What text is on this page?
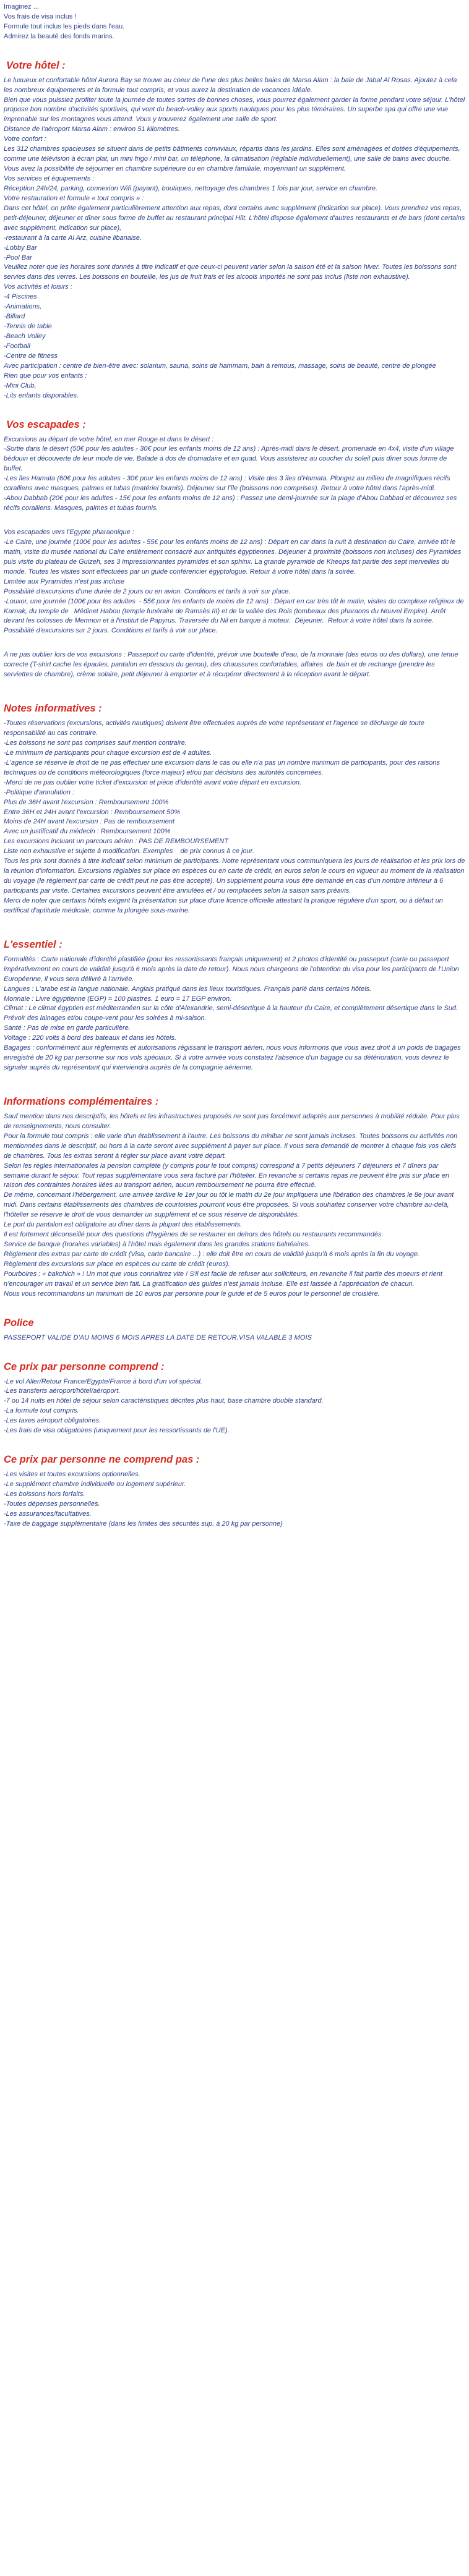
Imaginez ...

Vos frais de visa inclus !

Formule tout inclus les pieds dans l'eau.

Admirez la beauté des fonds marins.

Votre hôtel :

Le luxueux et confortable hôtel Aurora Bay se trouve au coeur de l'une des plus belles baies de Marsa Alam : la baie de Jabal Al Rosas. Ajoutez à cela les nombreux équipements et la formule tout compris, et vous aurez la destination de vacances idéale.

Bien que vous puissiez profiter toute la journée de toutes sortes de bonnes choses, vous pourrez également garder la forme pendant votre séjour. L'hôtel propose bon nombre d'activités sportives, qui vont du beach-volley aux sports nautiques pour les plus téméraires. Un superbe spa qui offre une vue imprenable sur les montagnes vous attend. Vous y trouverez également une salle de sport.

Distance de l'aéroport Marsa Alam : environ 51 kilomètres.

Votre confort :

Les 312 chambres spacieuses se situent dans de petits bâtiments conviviaux, répartis dans les jardins. Elles sont aménagées et dotées d'équipements, comme une télévision à écran plat, un mini frigo / mini bar, un téléphone, la climatisation (réglable individuellement), une salle de bains avec douche.

Vous avez la possibilité de séjourner en chambre supérieure ou en chambre familiale, moyennant un supplément.

Vos services et équipements :

Réception 24h/24, parking, connexion Wifi (payant), boutiques, nettoyage des chambres 1 fois par jour, service en chambre.

Votre restauration et formule « tout compris » :

Dans cet hôtel, on prête également particulièrement attention aux repas, dont certains avec supplément (indication sur place). Vous prendrez vos repas, petit-déjeuner, déjeuner et dîner sous forme de buffet au restaurant principal Hilt. L'hôtel dispose également d'autres restaurants et de bars (dont certains avec supplément, indication sur place),

-restaurant à la carte Al Arz, cuisine libanaise.

-Lobby Bar

-Pool Bar

Veuillez noter que les horaires sont donnés à titre indicatif et que ceux-ci peuvent varier selon la saison été et la saison hiver. Toutes les boissons sont servies dans des verres. Les boissons en bouteille, les jus de fruit frais et les alcools importés ne sont pas inclus (liste non exhaustive).

Vos activités et loisirs :

-4 Piscines

-Animations,

-Billard

-Tennis de table

-Beach Volley

-Football

-Centre de fitness

Avec participation : centre de bien-être avec: solarium, sauna, soins de hammam, bain à remous, massage, soins de beauté, centre de plongée

Rien que pour vos enfants :

-Mini Club,

-Lits enfants disponibles.

Vos escapades :

Excursions au départ de votre hôtel, en mer Rouge et dans le désert :

-Sortie dans le désert (50€ pour les adultes - 30€ pour les enfants moins de 12 ans) : Après-midi dans le désert, promenade en 4x4, visite d'un village bédouin et découverte de leur mode de vie. Balade à dos de dromadaire et en quad. Vous assisterez au coucher du soleil puis dîner sous forme de buffet.

-Les îles Hamata (60€ pour les adultes - 30€ pour les enfants moins de 12 ans) : Visite des 3 îles d'Hamata. Plongez au milieu de magnifiques récifs coralliens avec masques, palmes et tubas (matériel fournis). Déjeuner sur l'île (boissons non comprises). Retour à votre hôtel dans l'après-midi.

-Abou Dabbab (20€ pour les adultes - 15€ pour les enfants moins de 12 ans) : Passez une demi-journée sur la plage d'Abou Dabbad et découvrez ses récifs coralliens. Masques, palmes et tubas fournis.

Vos escapades vers l'Egypte pharaonique :

-Le Caire, une journée (100€ pour les adultes - 55€ pour les enfants moins de 12 ans) : Départ en car dans la nuit à destination du Caire, arrivée tôt le matin, visite du musée national du Caire entièrement consacré aux antiquités égyptiennes. Déjeuner à proximité (boissons non incluses) des Pyramides puis visite du plateau de Guizeh, ses 3 impressionnantes pyramides et son sphinx. La grande pyramide de Kheops fait partie des sept merveilles du monde. Toutes les visites sont effectuées par un guide conférencier égyptologue. Retour à votre hôtel dans la soirée.

Limitée aux Pyramides n'est pas incluse

Possibilité d'excursions d'une durée de 2 jours ou en avion. Conditions et tarifs à voir sur place.

-Louxor, une journée (100€ pour les adultes  - 55€ pour les enfants de moins de 12 ans) : Départ en car très tôt le matin, visites du complexe religieux de  Karnak, du temple de   Médinet Habou (temple funéraire de Ramsès III) et de la vallée des Rois (tombeaux des pharaons du Nouvel Empire). Arrêt devant les colosses de Memnon et à l'institut de Papyrus. Traversée du Nil en barque à moteur.  Déjeuner.  Retour à votre hôtel dans la soirée.

Possibilité d'excursions sur 2 jours. Conditions et tarifs à voir sur place.

A ne pas oublier lors de vos excursions : Passeport ou carte d'identité, prévoir une bouteille d'eau, de la monnaie (des euros ou des dollars), une tenue correcte (T-shirt cache les épaules, pantalon en dessous du genou), des chaussures confortables, affaires  de bain et de rechange (prendre les serviettes de chambre), crème solaire, petit déjeuner à emporter et à récupérer directement à la réception avant le départ.

Notes informatives :

-Toutes réservations (excursions, activités nautiques) doivent être effectuées auprès de votre représentant et l'agence se décharge de toute responsabilité au cas contraire.

-Les boissons ne sont pas comprises sauf mention contraire.

-Le minimum de participants pour chaque excursion est de 4 adultes.

-L'agence se réserve le droit de ne pas effectuer une excursion dans le cas ou elle n'a pas un nombre minimum de participants, pour des raisons techniques ou de conditions météorologiques (force majeur) et/ou par décisions des autorités concernées.

-Merci de ne pas oublier votre ticket d'excursion et pièce d'identité avant votre départ en excursion.

-Politique d'annulation :

Plus de 36H avant l'excursion : Remboursement 100%

Entre 36H et 24H avant l'excursion : Remboursement 50%

Moins de 24H avant l'excursion : Pas de remboursement

Avec un justificatif du médecin : Remboursement 100%

Les excursions incluant un parcours aérien : PAS DE REMBOURSEMENT

Liste non exhaustive et sujette à modification. Exemples    de prix connus à ce jour.

Tous les prix sont donnés à titre indicatif selon minimum de participants. Notre représentant vous communiquera les jours de réalisation et les prix lors de la réunion d'information. Excursions réglables sur place en espèces ou en carte de crédit, en euros selon le cours en vigueur au moment de la réalisation du voyage (le règlement par carte de crédit peut ne pas être accepté). Un supplément pourra vous être demandé en cas d'un nombre inférieur à 6 participants par visite. Certaines excursions peuvent être annulées et / ou remplacées selon la saison sans préavis.

Merci de noter que certains hôtels exigent la présentation sur place d'une licence officielle attestant la pratique régulière d'un sport, ou à défaut un certificat d'aptitude médicale, comme la plongée sous-marine.

L'essentiel :

Formalités : Carte nationale d'identité plastifiée (pour les ressortissants français uniquement) et 2 photos d'identité ou passeport (carte ou passeport impérativement en cours de validité jusqu'à 6 mois après la date de retour). Nous nous chargeons de l'obtention du visa pour les participants de l'Union Européenne, il vous sera délivré à l'arrivée.

Langues : L'arabe est la langue nationale. Anglais pratiqué dans les lieux touristiques. Français parlé dans certains hôtels.

Monnaie : Livre égyptienne (EGP) = 100 piastres. 1 euro = 17 EGP environ.

Climat : Le climat égyptien est méditerranéen sur la côte d'Alexandrie, semi-désertique à la hauteur du Caire, et complètement désertique dans le Sud. Prévoir des lainages et/ou coupe-vent pour les soirées à mi-saison.

Santé : Pas de mise en garde particulière.

Voltage : 220 volts à bord des bateaux et dans les hôtels.

Bagages : conformément aux règlements et autorisations régissant le transport aérien, nous vous informons que vous avez droit à un poids de bagages enregistré de 20 kg par personne sur nos vols spéciaux. Si à votre arrivée vous constatez l'absence d'un bagage ou sa détérioration, vous devrez le signaler auprès du représentant qui interviendra auprès de la compagnie aérienne.

Informations complémentaires :

Sauf mention dans nos descriptifs, les hôtels et les infrastructures proposés ne sont pas forcément adaptés aux personnes à mobilité réduite. Pour plus de renseignements, nous consulter.

Pour la formule tout compris : elle varie d'un établissement à l'autre. Les boissons du minibar ne sont jamais incluses. Toutes boissons ou activités non mentionnées dans le descriptif, ou hors à la carte seront avec supplément à payer sur place. Il vous sera demandé de montrer à chaque fois vos cliefs de chambres. Tous les extras seront à régler sur place avant votre départ.

Selon les règles internationales la pension complète (y compris pour le tout compris) correspond à 7 petits déjeuners 7 déjeuners et 7 dîners par semaine durant le séjour. Tout repas supplémentaire vous sera facturé par l'hôtelier. En revanche si certains repas ne peuvent être pris sur place en raison des contraintes horaires liées au transport aérien, aucun remboursement ne pourra être effectué.

De même, concernant l'hébergement, une arrivée tardive le 1er jour ou tôt le matin du 2e jour impliquera une libération des chambres le 8e jour avant midi. Dans certains établissements des chambres de courtoisies pourront vous être proposées. Si vous souhaitez conserver votre chambre au-delà, l'hôtelier se réserve le droit de vous demander un supplément et ce sous réserve de disponibilités.

Le port du pantalon est obligatoire au dîner dans la plupart des établissements.

Il est fortement déconseillé pour des questions d'hygiènes de se restaurer en dehors des hôtels ou restaurants recommandés.

Service de banque (horaires variables) à l'hôtel mais également dans les grandes stations balnéaires.

Règlement des extras par carte de crédit (Visa, carte bancaire ...) : elle doit être en cours de validité jusqu'à 6 mois après la fin du voyage.

Règlement des excursions sur place en espèces ou carte de crédit (euros).

Pourboires : « bakchich » ! Un mot que vous connaîtrez vite ! S'il est facile de refuser aux solliciteurs, en revanche il fait partie des moeurs et rient n'encourager un travail et un service bien fait. La gratification des guides n'est jamais incluse. Elle est laissée à l'appréciation de chacun.

Nous vous recommandons un minimum de 10 euros par personne pour le guide et de 5 euros pour le personnel de croisière.

Police

PASSEPORT VALIDE D'AU MOINS 6 MOIS APRES LA DATE DE RETOUR.VISA VALABLE 3 MOIS

Ce prix par personne comprend :

-Le vol Aller/Retour France/Egypte/France à bord d'un vol spécial.

-Les transferts aéroport/hôtel/aéroport.

-7 ou 14 nuits en hôtel de séjour selon caractéristiques décrites plus haut, base chambre double standard.

-La formule tout compris.

-Les taxes aéroport obligatoires.

-Les frais de visa obligatoires (uniquement pour les ressortissants de l'UE).

Ce prix par personne ne comprend pas :

-Les visites et toutes excursions optionnelles.

-Le supplément chambre individuelle ou logement supérieur.

-Les boissons hors forfaits.

-Toutes dépenses personnelles.

-Les assurances/facultatives.

-Taxe de baggage supplémentaire (dans les limites des sécurités sup. à 20 kg par personne)
